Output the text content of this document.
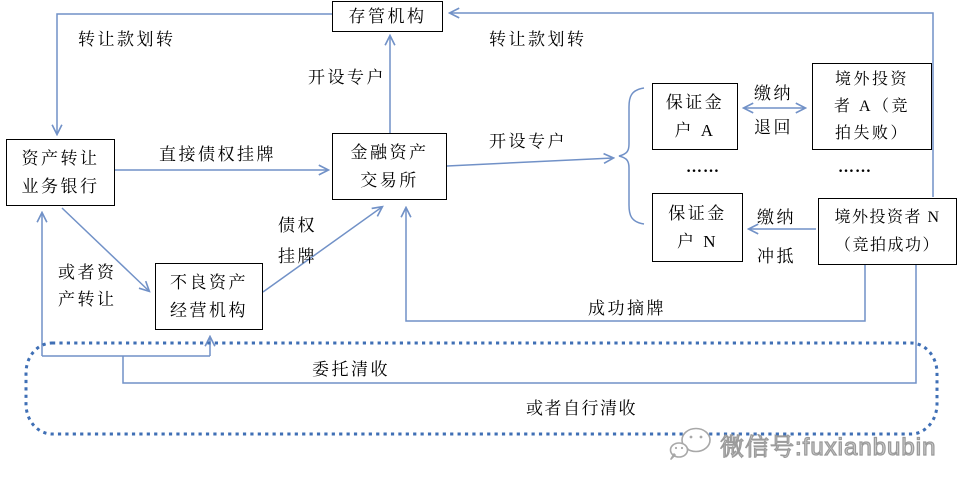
存管机构
资产转让
业务银行
金融资产
交易所
不良资产
经营机构
保证金
户 A
境外投资
者 A（竞
拍失败）
保证金
户 N
境外投资者 N
（竞拍成功）
转让款划转	转让款划转
开设专户
直接债权挂牌
开设专户
债权
挂牌
或者资
产转让
缴纳
退回
缴纳
冲抵
……	……
成功摘牌
委托清收
或者自行清收
微信号:fuxianbubin
